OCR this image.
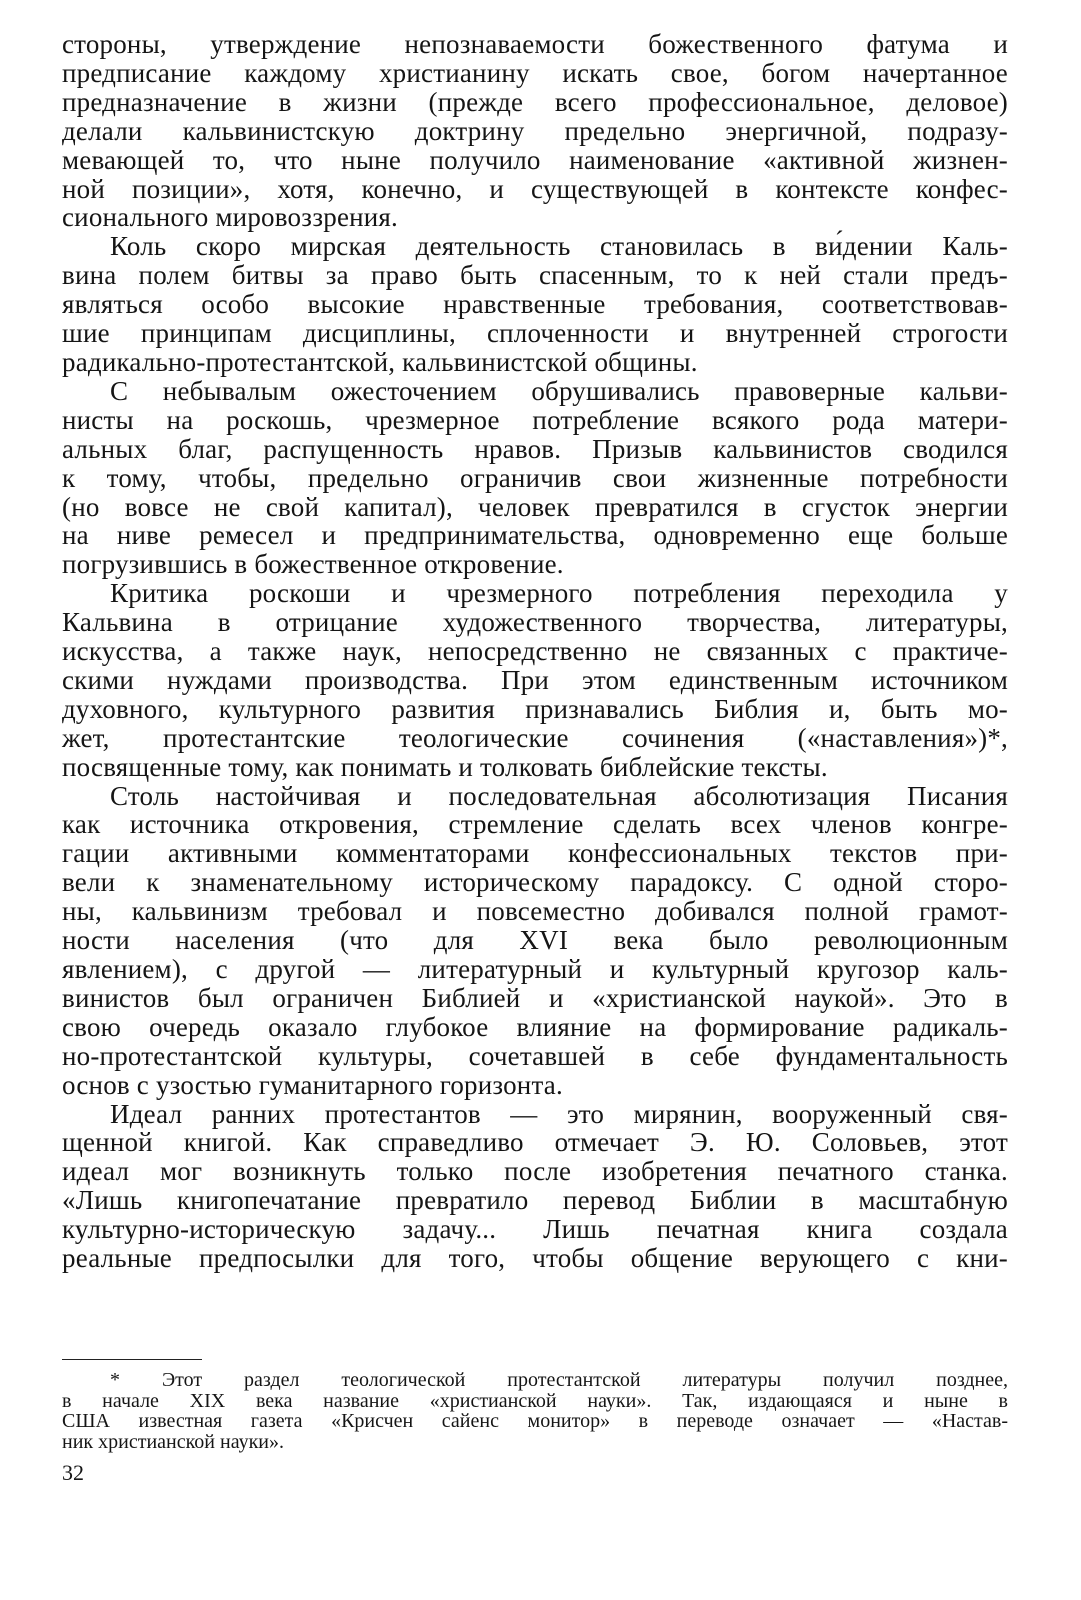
стороны, утверждение непознаваемости божественного фатума и
предписание каждому христианину искать свое, богом начертанное
предназначение в жизни (прежде всего профессиональное, деловое)
делали кальвинистскую доктрину предельно энергичной, подразу-
мевающей то, что ныне получило наименование «активной жизнен-
ной позиции», хотя, конечно, и существующей в контексте конфес-
сионального мировоззрения.

Коль скоро мирская деятельность становилась в ви́дении Каль-
вина полем битвы за право быть спасенным, то к ней стали предъ-
являться особо высокие нравственные требования, соответствовав-
шие принципам дисциплины, сплоченности и внутренней строгости
радикально-протестантской, кальвинистской общины.

С небывалым ожесточением обрушивались правоверные кальви-
нисты на роскошь, чрезмерное потребление всякого рода матери-
альных благ, распущенность нравов. Призыв кальвинистов сводился
к тому, чтобы, предельно ограничив свои жизненные потребности
(но вовсе не свой капитал), человек превратился в сгусток энергии
на ниве ремесел и предпринимательства, одновременно еще больше
погрузившись в божественное откровение.

Критика роскоши и чрезмерного потребления переходила у
Кальвина в отрицание художественного творчества, литературы,
искусства, а также наук, непосредственно не связанных с практиче-
скими нуждами производства. При этом единственным источником
духовного, культурного развития признавались Библия и, быть мо-
жет, протестантские теологические сочинения («наставления»)*,
посвященные тому, как понимать и толковать библейские тексты.

Столь настойчивая и последовательная абсолютизация Писания
как источника откровения, стремление сделать всех членов конгре-
гации активными комментаторами конфессиональных текстов при-
вели к знаменательному историческому парадоксу. С одной сторо-
ны, кальвинизм требовал и повсеместно добивался полной грамот-
ности населения (что для XVI века было революционным
явлением), с другой — литературный и культурный кругозор каль-
винистов был ограничен Библией и «христианской наукой». Это в
свою очередь оказало глубокое влияние на формирование радикаль-
но-протестантской культуры, сочетавшей в себе фундаментальность
основ с узостью гуманитарного горизонта.

Идеал ранних протестантов — это мирянин, вооруженный свя-
щенной книгой. Как справедливо отмечает Э. Ю. Соловьев, этот
идеал мог возникнуть только после изобретения печатного станка.
«Лишь книгопечатание превратило перевод Библии в масштабную
культурно-историческую задачу... Лишь печатная книга создала
реальные предпосылки для того, чтобы общение верующего с кни-

* Этот раздел теологической протестантской литературы получил позднее,
в начале XIX века название «христианской науки». Так, издающаяся и ныне в
США известная газета «Крисчен сайенс монитор» в переводе означает — «Настав-
ник христианской науки».
32
